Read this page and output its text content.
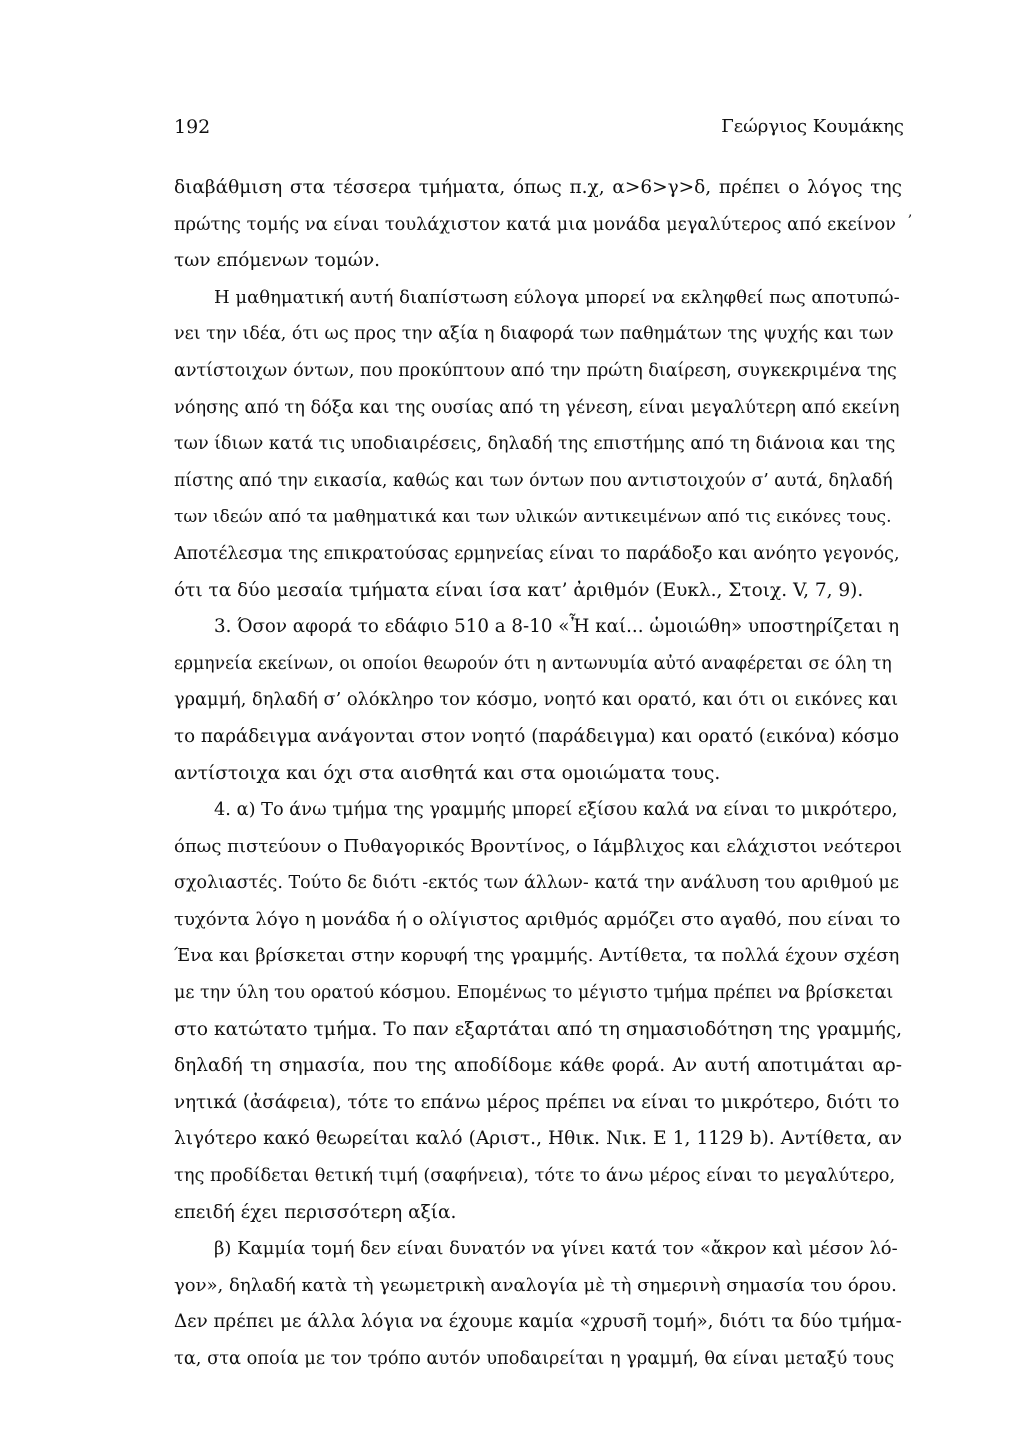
192	Γεώργιος Κουμάκης
,
διαβάθμιση στα τέσσερα τμήματα, όπως π.χ, α>6>γ>δ, πρέπει ο λόγος της
πρώτης τομής να είναι τουλάχιστον κατά μια μονάδα μεγαλύτερος από εκείνον
των επόμενων τομών.
Η μαθηματική αυτή διαπίστωση εύλογα μπορεί να εκληφθεί πως αποτυπώ-
νει την ιδέα, ότι ως προς την αξία η διαφορά των παθημάτων της ψυχής και των
αντίστοιχων όντων, που προκύπτουν από την πρώτη διαίρεση, συγκεκριμένα της
νόησης από τη δόξα και της ουσίας από τη γένεση, είναι μεγαλύτερη από εκείνη
των ίδιων κατά τις υποδιαιρέσεις, δηλαδή της επιστήμης από τη διάνοια και της
πίστης από την εικασία, καθώς και των όντων που αντιστοιχούν σ’ αυτά, δηλαδή
των ιδεών από τα μαθηματικά και των υλικών αντικειμένων από τις εικόνες τους.
Αποτέλεσμα της επικρατούσας ερμηνείας είναι το παράδοξο και ανόητο γεγονός,
ότι τα δύο μεσαία τμήματα είναι ίσα κατ’ ἀριθμόν (Ευκλ., Στοιχ. V, 7, 9).
3. Όσον αφορά το εδάφιο 510 a 8-10 «Ἦ καί... ὡμοιώθη» υποστηρίζεται η
ερμηνεία εκείνων, οι οποίοι θεωρούν ότι η αντωνυμία αὐτό αναφέρεται σε όλη τη
γραμμή, δηλαδή σ’ ολόκληρο τον κόσμο, νοητό και ορατό, και ότι οι εικόνες και
το παράδειγμα ανάγονται στον νοητό (παράδειγμα) και ορατό (εικόνα) κόσμο
αντίστοιχα και όχι στα αισθητά και στα ομοιώματα τους.
4. α) Το άνω τμήμα της γραμμής μπορεί εξίσου καλά να είναι το μικρότερο,
όπως πιστεύουν ο Πυθαγορικός Βροντίνος, ο Ιάμβλιχος και ελάχιστοι νεότεροι
σχολιαστές. Τούτο δε διότι -εκτός των άλλων- κατά την ανάλυση του αριθμού με
τυχόντα λόγο η μονάδα ή ο ολίγιστος αριθμός αρμόζει στο αγαθό, που είναι το
Ένα και βρίσκεται στην κορυφή της γραμμής. Αντίθετα, τα πολλά έχουν σχέση
με την ύλη του ορατού κόσμου. Επομένως το μέγιστο τμήμα πρέπει να βρίσκεται
στο κατώτατο τμήμα. Το παν εξαρτάται από τη σημασιοδότηση της γραμμής,
δηλαδή τη σημασία, που της αποδίδομε κάθε φορά. Αν αυτή αποτιμάται αρ-
νητικά (ἀσάφεια), τότε το επάνω μέρος πρέπει να είναι το μικρότερο, διότι το
λιγότερο κακό θεωρείται καλό (Αριστ., Ηθικ. Νικ. Ε 1, 1129 b). Αντίθετα, αν
της προδίδεται θετική τιμή (σαφήνεια), τότε το άνω μέρος είναι το μεγαλύτερο,
επειδή έχει περισσότερη αξία.
β) Καμμία τομή δεν είναι δυνατόν να γίνει κατά τον «ἄκρον καὶ μέσον λό-
γον», δηλαδή κατὰ τὴ γεωμετρικὴ αναλογία μὲ τὴ σημερινὴ σημασία του όρου.
Δεν πρέπει με άλλα λόγια να έχουμε καμία «χρυσῆ τομή», διότι τα δύο τμήμα-
τα, στα οποία με τον τρόπο αυτόν υποδαιρείται η γραμμή, θα είναι μεταξύ τους
